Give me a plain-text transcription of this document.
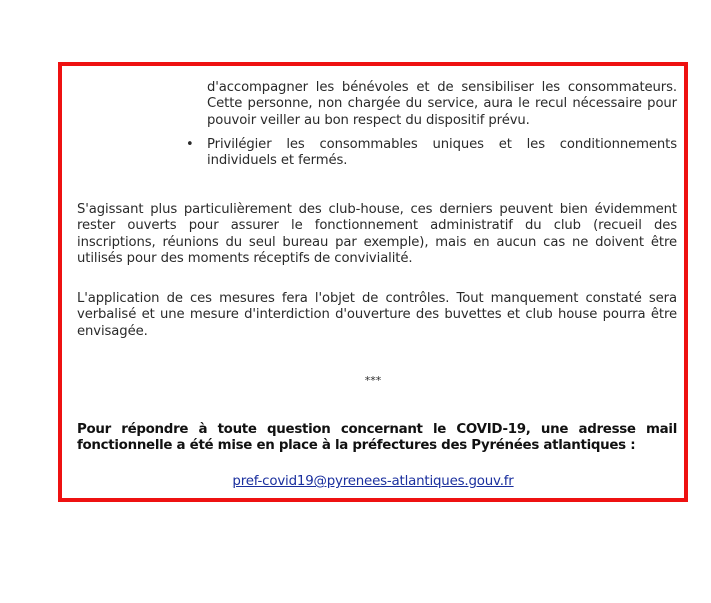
d'accompagner les bénévoles et de sensibiliser les consommateurs. Cette personne, non chargée du service, aura le recul nécessaire pour pouvoir veiller au bon respect du dispositif prévu.
• Privilégier les consommables uniques et les conditionnements individuels et fermés.
S'agissant plus particulièrement des club-house, ces derniers peuvent bien évidemment rester ouverts pour assurer le fonctionnement administratif du club (recueil des inscriptions, réunions du seul bureau par exemple), mais en aucun cas ne doivent être utilisés pour des moments réceptifs de convivialité.
L'application de ces mesures fera l'objet de contrôles. Tout manquement constaté sera verbalisé et une mesure d'interdiction d'ouverture des buvettes et club house pourra être envisagée.
***
Pour répondre à toute question concernant le COVID-19, une adresse mail fonctionnelle a été mise en place à la préfectures des Pyrénées atlantiques :
pref-covid19@pyrenees-atlantiques.gouv.fr
